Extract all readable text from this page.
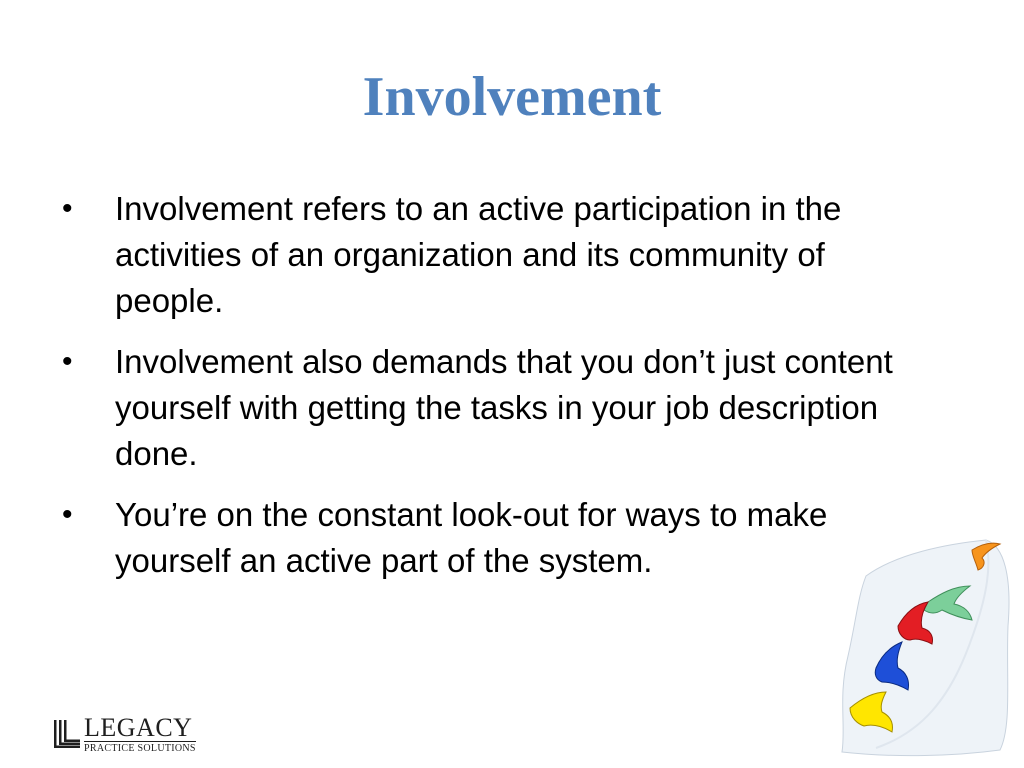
Involvement
• Involvement refers to an active participation in the activities of an organization and its community of people.
• Involvement also demands that you don’t just content yourself with getting the tasks in your job description done.
• You’re on the constant look-out for ways to make yourself an active part of the system.
LEGACY
PRACTICE SOLUTIONS
